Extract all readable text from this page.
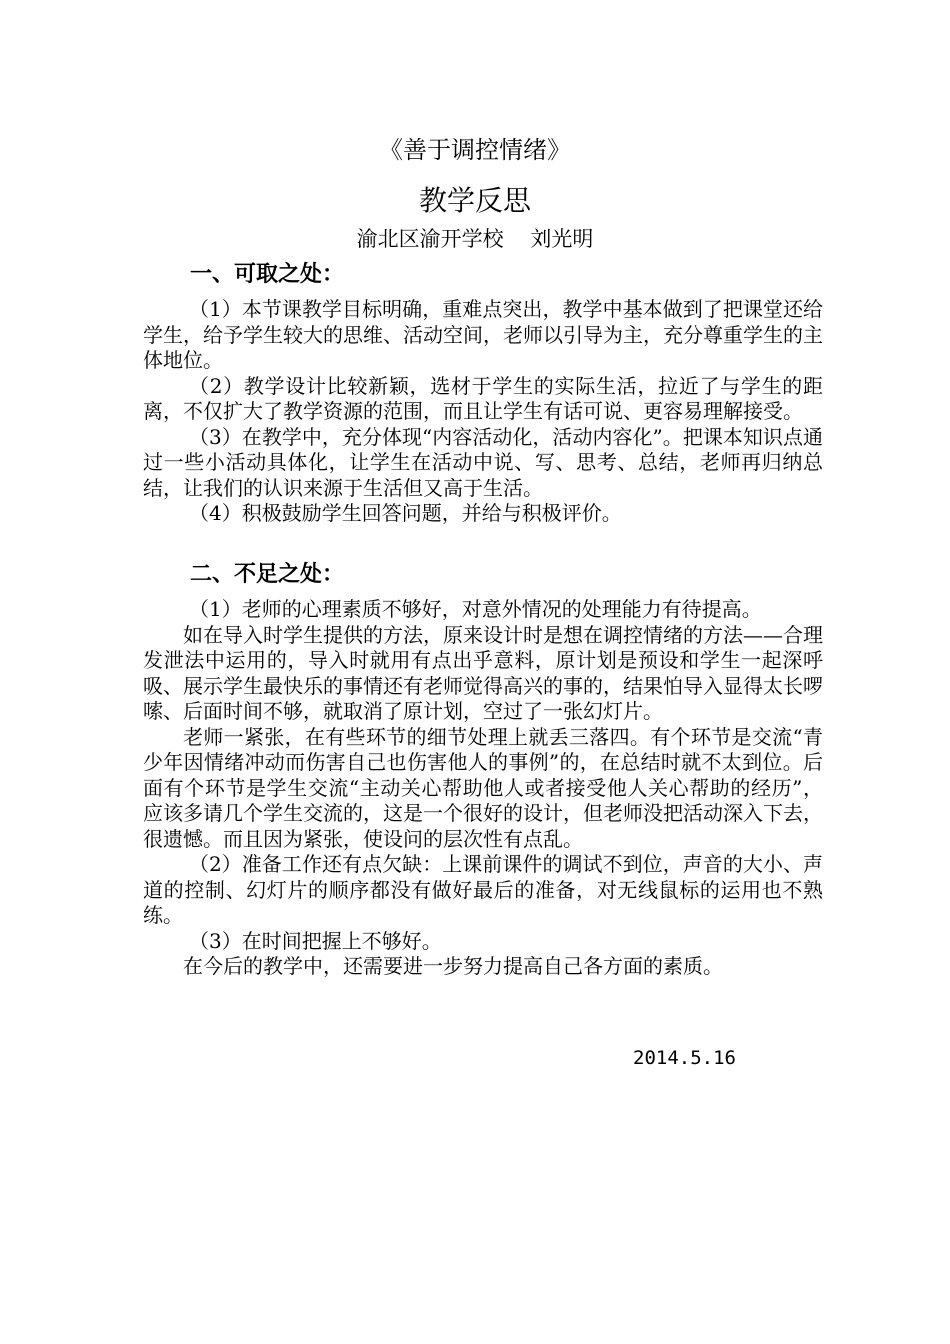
《善于调控情绪》
教学反思
渝北区渝开学校    刘光明
一、可取之处：

（1）本节课教学目标明确，重难点突出，教学中基本做到了把课堂还给学生，给予学生较大的思维、活动空间，老师以引导为主，充分尊重学生的主体地位。

（2）教学设计比较新颖，选材于学生的实际生活，拉近了与学生的距离，不仅扩大了教学资源的范围，而且让学生有话可说、更容易理解接受。

（3）在教学中，充分体现“内容活动化，活动内容化”。把课本知识点通过一些小活动具体化，让学生在活动中说、写、思考、总结，老师再归纳总结，让我们的认识来源于生活但又高于生活。

（4）积极鼓励学生回答问题，并给与积极评价。

二、不足之处：

（1）老师的心理素质不够好，对意外情况的处理能力有待提高。

如在导入时学生提供的方法，原来设计时是想在调控情绪的方法——合理发泄法中运用的，导入时就用有点出乎意料，原计划是预设和学生一起深呼吸、展示学生最快乐的事情还有老师觉得高兴的事的，结果怕导入显得太长啰嗦、后面时间不够，就取消了原计划，空过了一张幻灯片。

老师一紧张，在有些环节的细节处理上就丢三落四。有个环节是交流“青少年因情绪冲动而伤害自己也伤害他人的事例”的，在总结时就不太到位。后面有个环节是学生交流“主动关心帮助他人或者接受他人关心帮助的经历”，应该多请几个学生交流的，这是一个很好的设计，但老师没把活动深入下去，很遗憾。而且因为紧张，使设问的层次性有点乱。

（2）准备工作还有点欠缺：上课前课件的调试不到位，声音的大小、声道的控制、幻灯片的顺序都没有做好最后的准备，对无线鼠标的运用也不熟练。

（3）在时间把握上不够好。

在今后的教学中，还需要进一步努力提高自己各方面的素质。

2014.5.16
